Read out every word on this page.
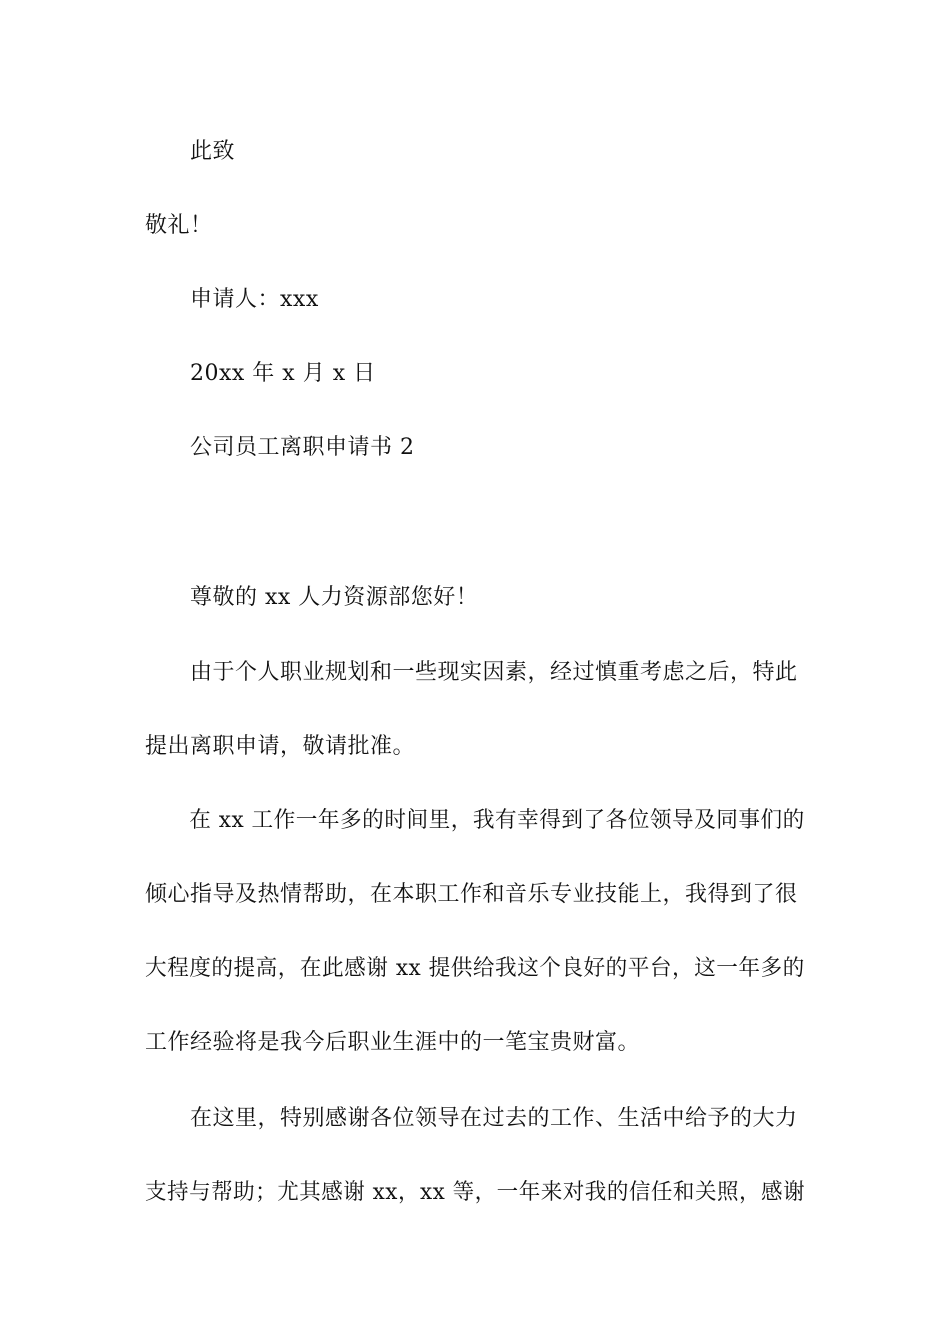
此致
敬礼！
申请人：xxx
20xx 年 x 月 x 日
公司员工离职申请书 2
尊敬的 xx 人力资源部您好！
　　由于个人职业规划和一些现实因素，经过慎重考虑之后，特此
提出离职申请，敬请批准。
　　在 xx 工作一年多的时间里，我有幸得到了各位领导及同事们的
倾心指导及热情帮助，在本职工作和音乐专业技能上，我得到了很
大程度的提高，在此感谢 xx 提供给我这个良好的平台，这一年多的
工作经验将是我今后职业生涯中的一笔宝贵财富。
　　在这里，特别感谢各位领导在过去的工作、生活中给予的大力
支持与帮助；尤其感谢 xx，xx 等，一年来对我的信任和关照，感谢
